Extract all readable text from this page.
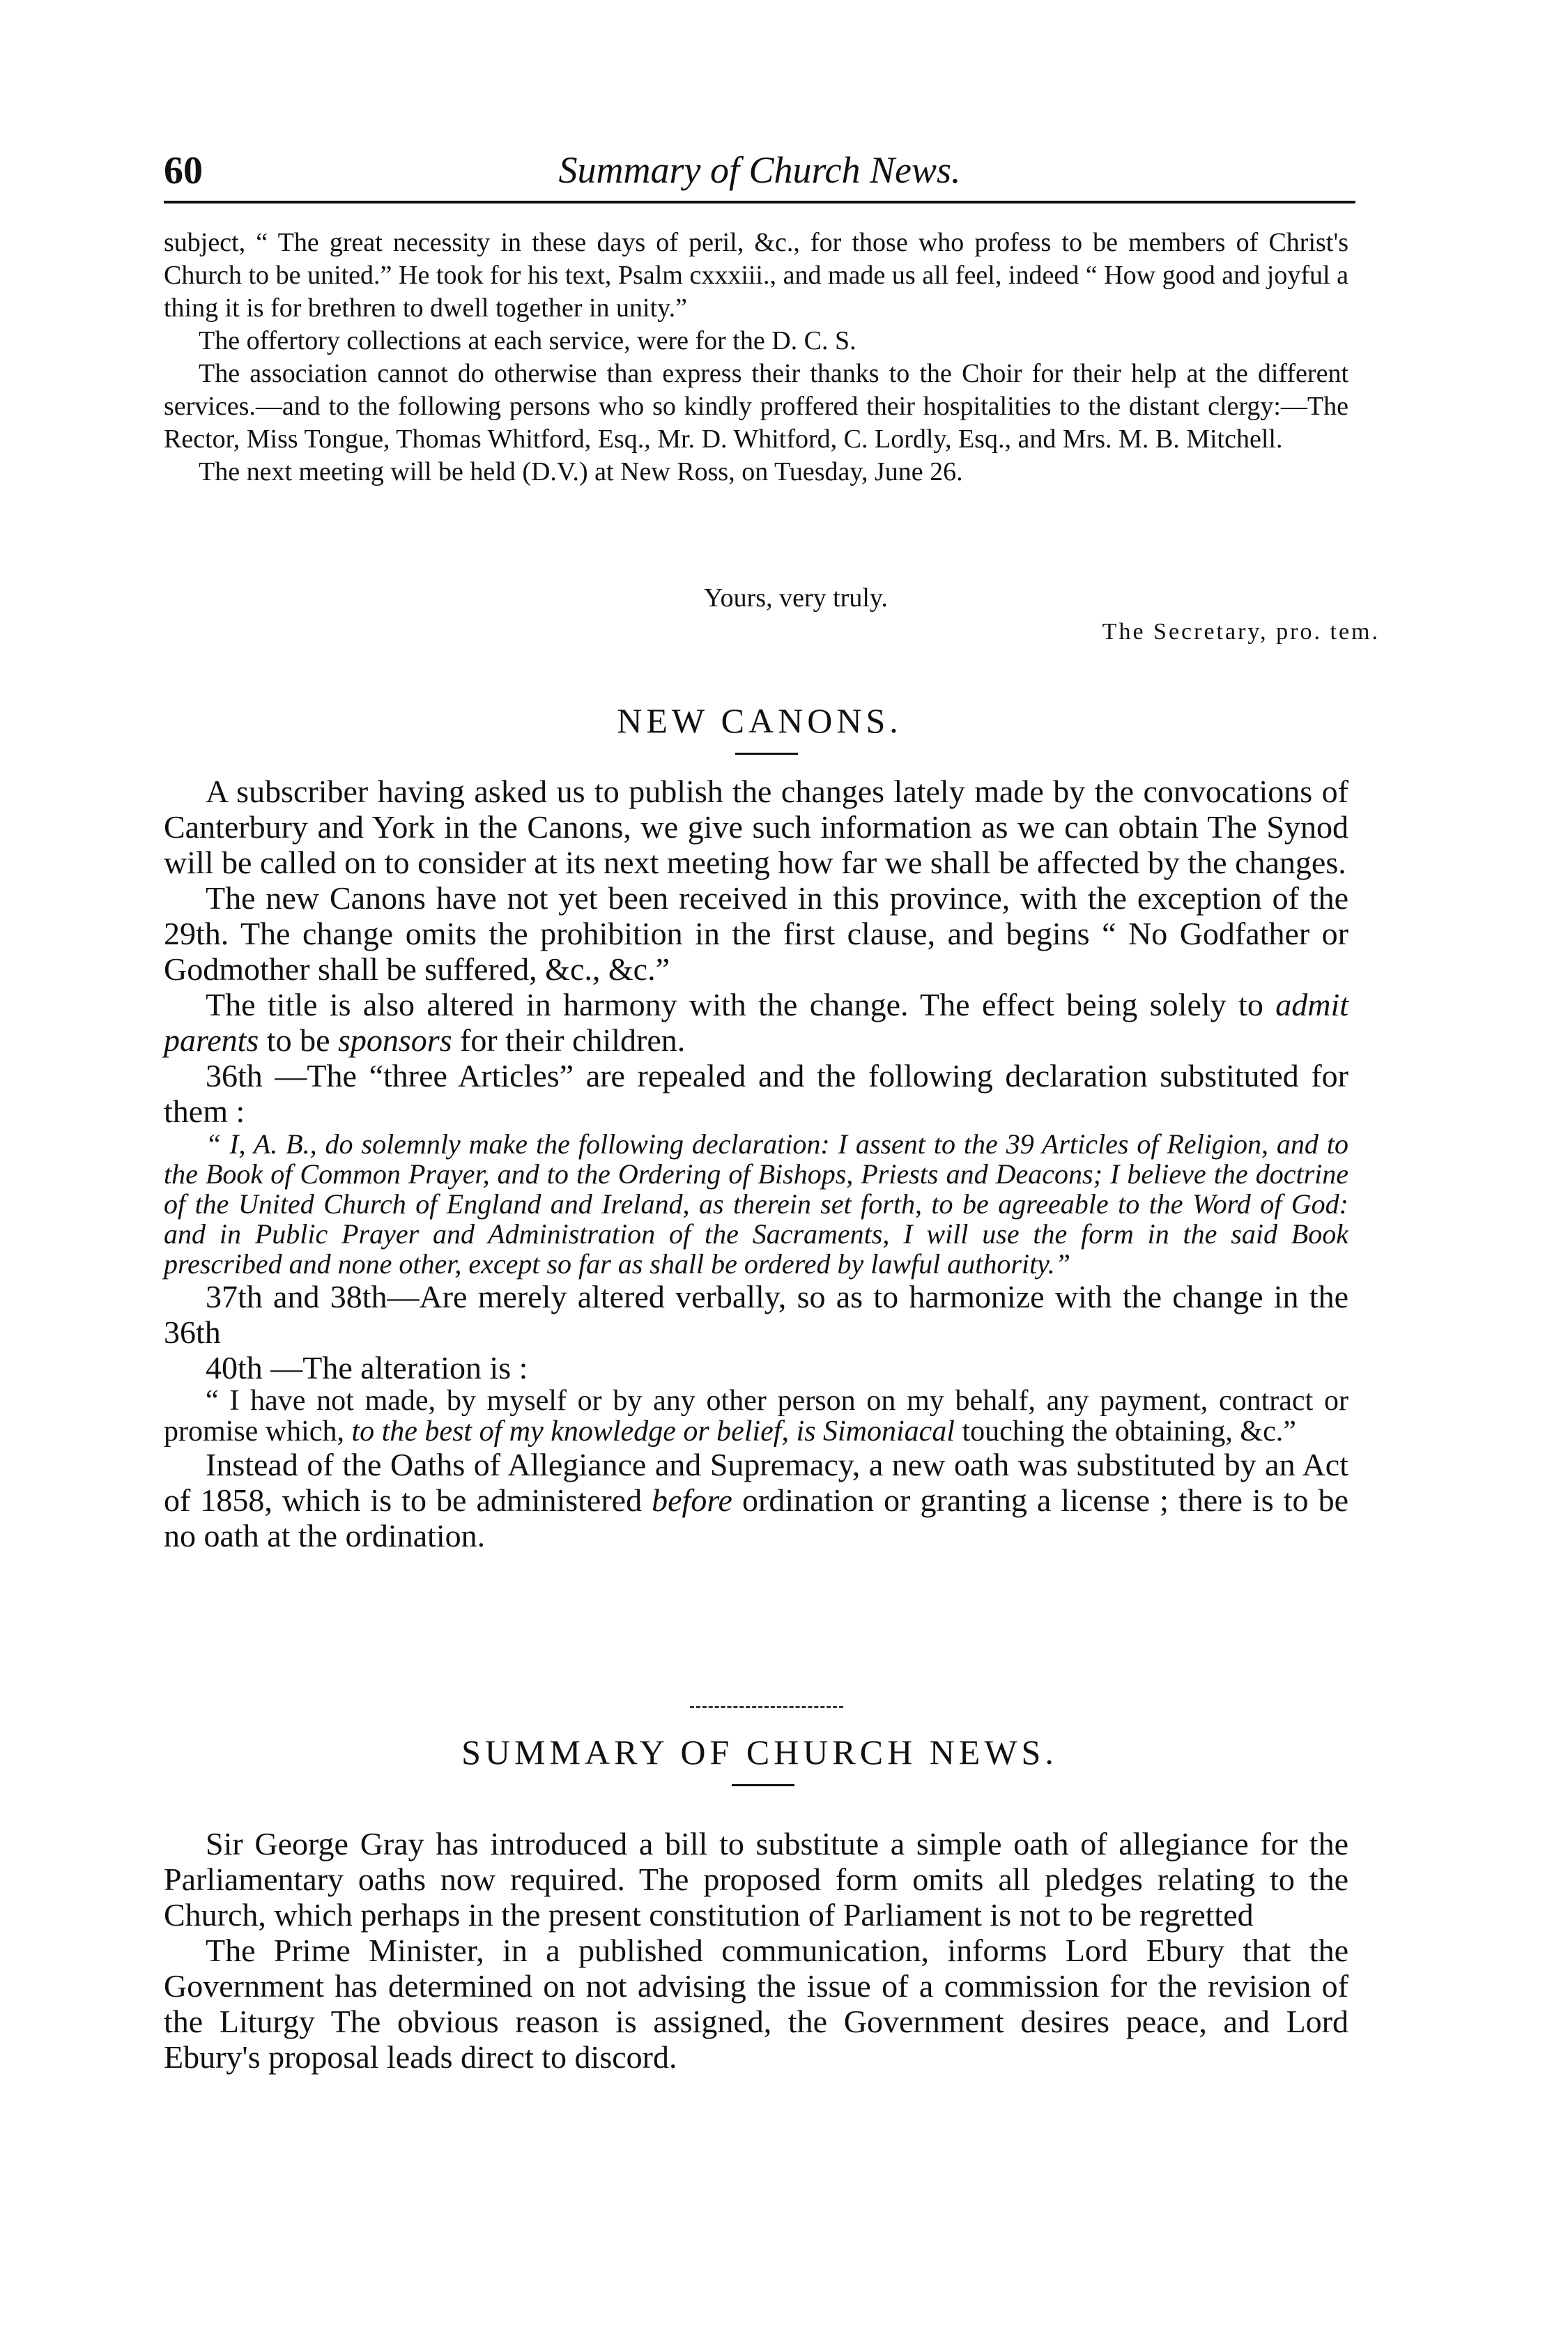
60	Summary of Church News.

subject, “ The great necessity in these days of peril, &c., for those who profess to be members of Christ's Church to be united.” He took for his text, Psalm cxxxiii., and made us all feel, indeed “ How good and joyful a thing it is for brethren to dwell together in unity.”

The offertory collections at each service, were for the D. C. S.

The association cannot do otherwise than express their thanks to the Choir for their help at the different services.—and to the following persons who so kindly proffered their hospitalities to the distant clergy:—The Rector, Miss Tongue, Thomas Whitford, Esq., Mr. D. Whitford, C. Lordly, Esq., and Mrs. M. B. Mitchell.

The next meeting will be held (D.V.) at New Ross, on Tuesday, June 26.

Yours, very truly.
The Secretary, pro. tem.
NEW CANONS.

A subscriber having asked us to publish the changes lately made by the convocations of Canterbury and York in the Canons, we give such information as we can obtain The Synod will be called on to consider at its next meeting how far we shall be affected by the changes.

The new Canons have not yet been received in this province, with the exception of the 29th. The change omits the prohibition in the first clause, and begins “ No Godfather or Godmother shall be suffered, &c., &c.”

The title is also altered in harmony with the change. The effect being solely to admit parents to be sponsors for their children.

36th —The “three Articles” are repealed and the following declaration substituted for them :

“ I, A. B., do solemnly make the following declaration: I assent to the 39 Articles of Religion, and to the Book of Common Prayer, and to the Ordering of Bishops, Priests and Deacons; I believe the doctrine of the United Church of England and Ireland, as therein set forth, to be agreeable to the Word of God: and in Public Prayer and Administration of the Sacraments, I will use the form in the said Book prescribed and none other, except so far as shall be ordered by lawful authority.”

37th and 38th—Are merely altered verbally, so as to harmonize with the change in the 36th

40th —The alteration is :

“ I have not made, by myself or by any other person on my behalf, any payment, contract or promise which, to the best of my knowledge or belief, is Simoniacal touching the obtaining, &c.”

Instead of the Oaths of Allegiance and Supremacy, a new oath was substituted by an Act of 1858, which is to be administered before ordination or granting a license ; there is to be no oath at the ordination.

SUMMARY OF CHURCH NEWS.

Sir George Gray has introduced a bill to substitute a simple oath of allegiance for the Parliamentary oaths now required. The proposed form omits all pledges relating to the Church, which perhaps in the present constitution of Parliament is not to be regretted

The Prime Minister, in a published communication, informs Lord Ebury that the Government has determined on not advising the issue of a commission for the revision of the Liturgy The obvious reason is assigned, the Government desires peace, and Lord Ebury's proposal leads direct to discord.
